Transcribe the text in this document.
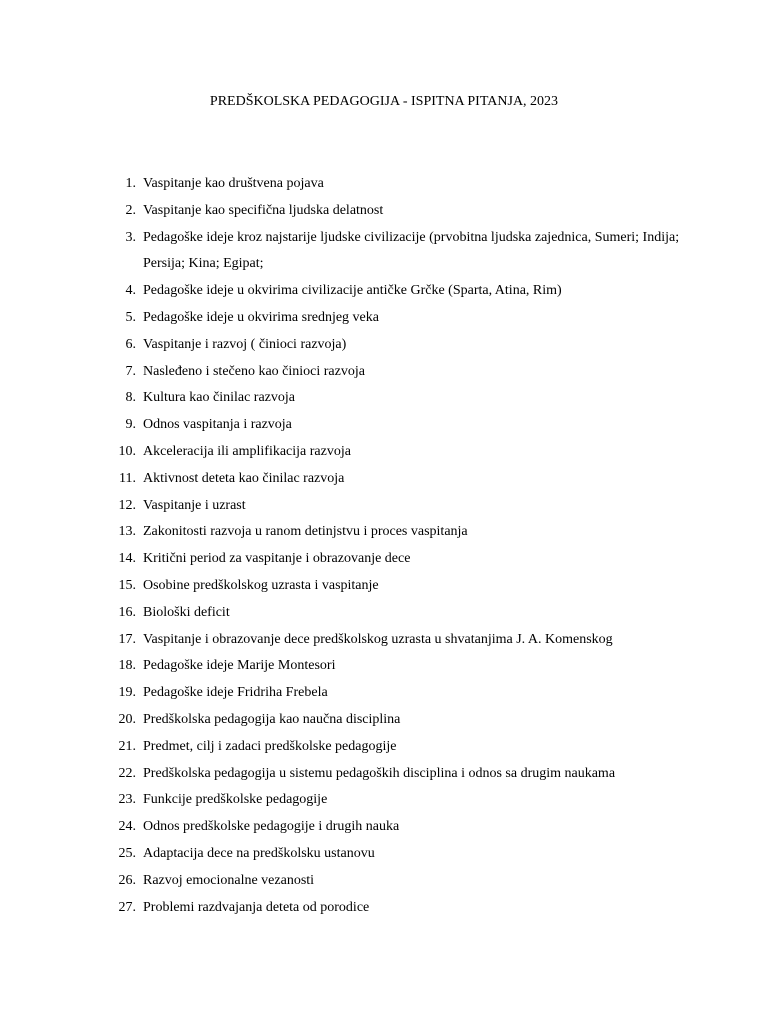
PREDŠKOLSKA PEDAGOGIJA - ISPITNA PITANJA, 2023
1. Vaspitanje kao društvena pojava
2. Vaspitanje kao specifična ljudska delatnost
3. Pedagoške ideje kroz najstarije ljudske civilizacije (prvobitna ljudska zajednica, Sumeri; Indija; Persija; Kina; Egipat;
4. Pedagoške ideje u okvirima civilizacije antičke Grčke (Sparta, Atina, Rim)
5. Pedagoške ideje u okvirima srednjeg veka
6. Vaspitanje i razvoj ( činioci razvoja)
7. Nasleđeno i stečeno kao činioci razvoja
8. Kultura kao činilac razvoja
9. Odnos vaspitanja i razvoja
10. Akceleracija ili amplifikacija razvoja
11. Aktivnost deteta kao činilac razvoja
12. Vaspitanje i uzrast
13. Zakonitosti razvoja u ranom detinjstvu i proces vaspitanja
14. Kritični period za vaspitanje i obrazovanje dece
15. Osobine predškolskog uzrasta i vaspitanje
16. Biološki deficit
17. Vaspitanje i obrazovanje dece predškolskog uzrasta u shvatanjima J. A. Komenskog
18. Pedagoške ideje Marije Montesori
19. Pedagoške ideje Fridriha Frebela
20. Predškolska pedagogija kao naučna disciplina
21. Predmet, cilj i zadaci predškolske pedagogije
22. Predškolska pedagogija u sistemu pedagoških disciplina i odnos sa drugim naukama
23. Funkcije predškolske pedagogije
24. Odnos predškolske pedagogije i drugih nauka
25. Adaptacija dece na predškolsku ustanovu
26. Razvoj emocionalne vezanosti
27. Problemi razdvajanja deteta od porodice
